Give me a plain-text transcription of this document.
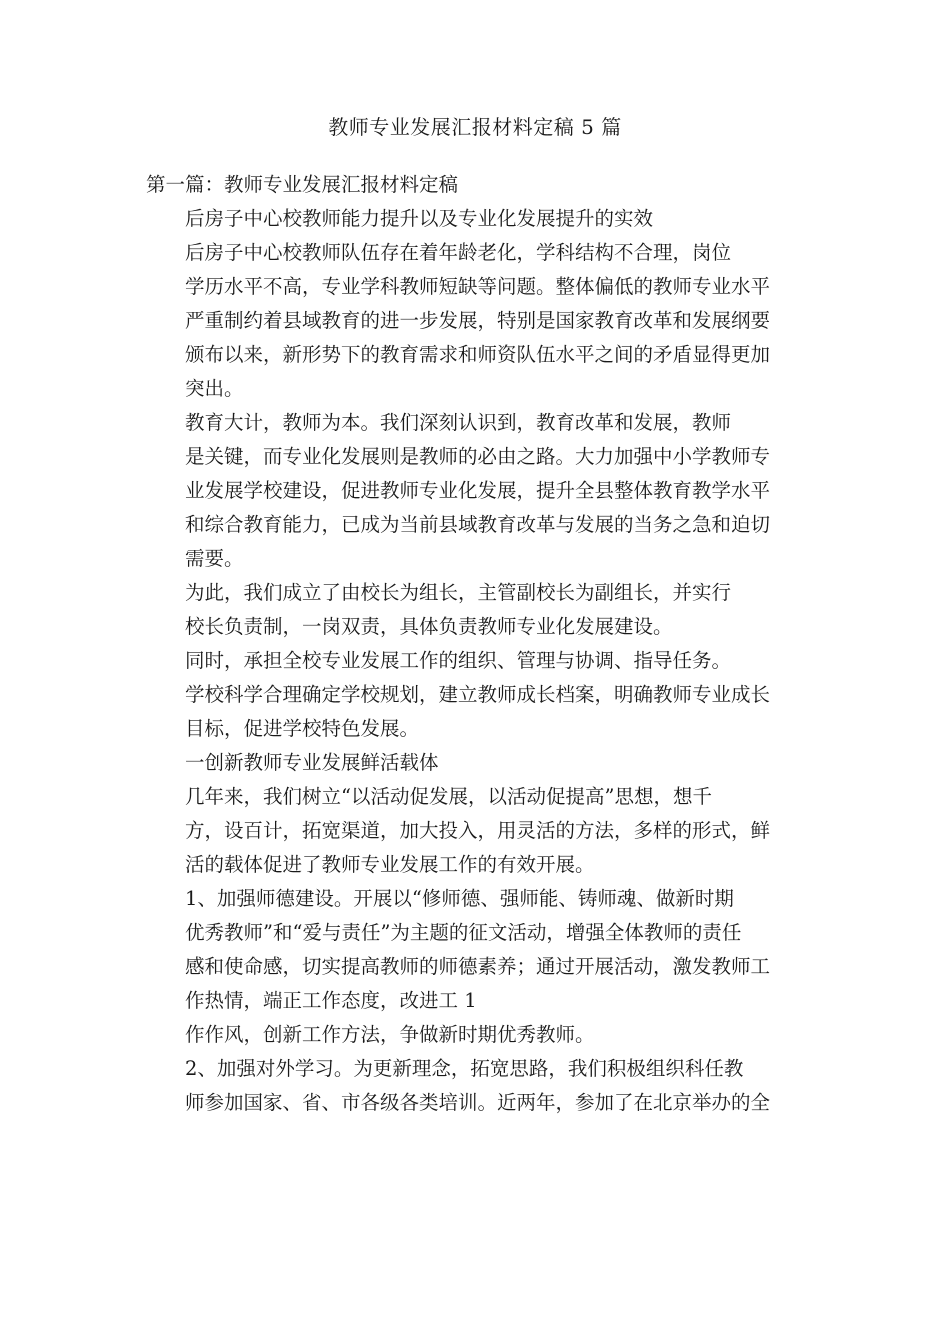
教师专业发展汇报材料定稿 5 篇

第一篇：教师专业发展汇报材料定稿

后房子中心校教师能力提升以及专业化发展提升的实效

后房子中心校教师队伍存在着年龄老化，学科结构不合理，岗位
学历水平不高，专业学科教师短缺等问题。整体偏低的教师专业水平
严重制约着县域教育的进一步发展，特别是国家教育改革和发展纲要
颁布以来，新形势下的教育需求和师资队伍水平之间的矛盾显得更加
突出。

教育大计，教师为本。我们深刻认识到，教育改革和发展，教师
是关键，而专业化发展则是教师的必由之路。大力加强中小学教师专
业发展学校建设，促进教师专业化发展，提升全县整体教育教学水平
和综合教育能力，已成为当前县域教育改革与发展的当务之急和迫切
需要。

为此，我们成立了由校长为组长，主管副校长为副组长，并实行
校长负责制，一岗双责，具体负责教师专业化发展建设。

同时，承担全校专业发展工作的组织、管理与协调、指导任务。
学校科学合理确定学校规划，建立教师成长档案，明确教师专业成长
目标，促进学校特色发展。

一创新教师专业发展鲜活载体

几年来，我们树立“以活动促发展，以活动促提高”思想，想千
方，设百计，拓宽渠道，加大投入，用灵活的方法，多样的形式，鲜
活的载体促进了教师专业发展工作的有效开展。

1、加强师德建设。开展以“修师德、强师能、铸师魂、做新时期
优秀教师”和“爱与责任”为主题的征文活动，增强全体教师的责任
感和使命感，切实提高教师的师德素养；通过开展活动，激发教师工
作热情，端正工作态度，改进工 1

作作风，创新工作方法，争做新时期优秀教师。

2、加强对外学习。为更新理念，拓宽思路，我们积极组织科任教
师参加国家、省、市各级各类培训。近两年，参加了在北京举办的全
